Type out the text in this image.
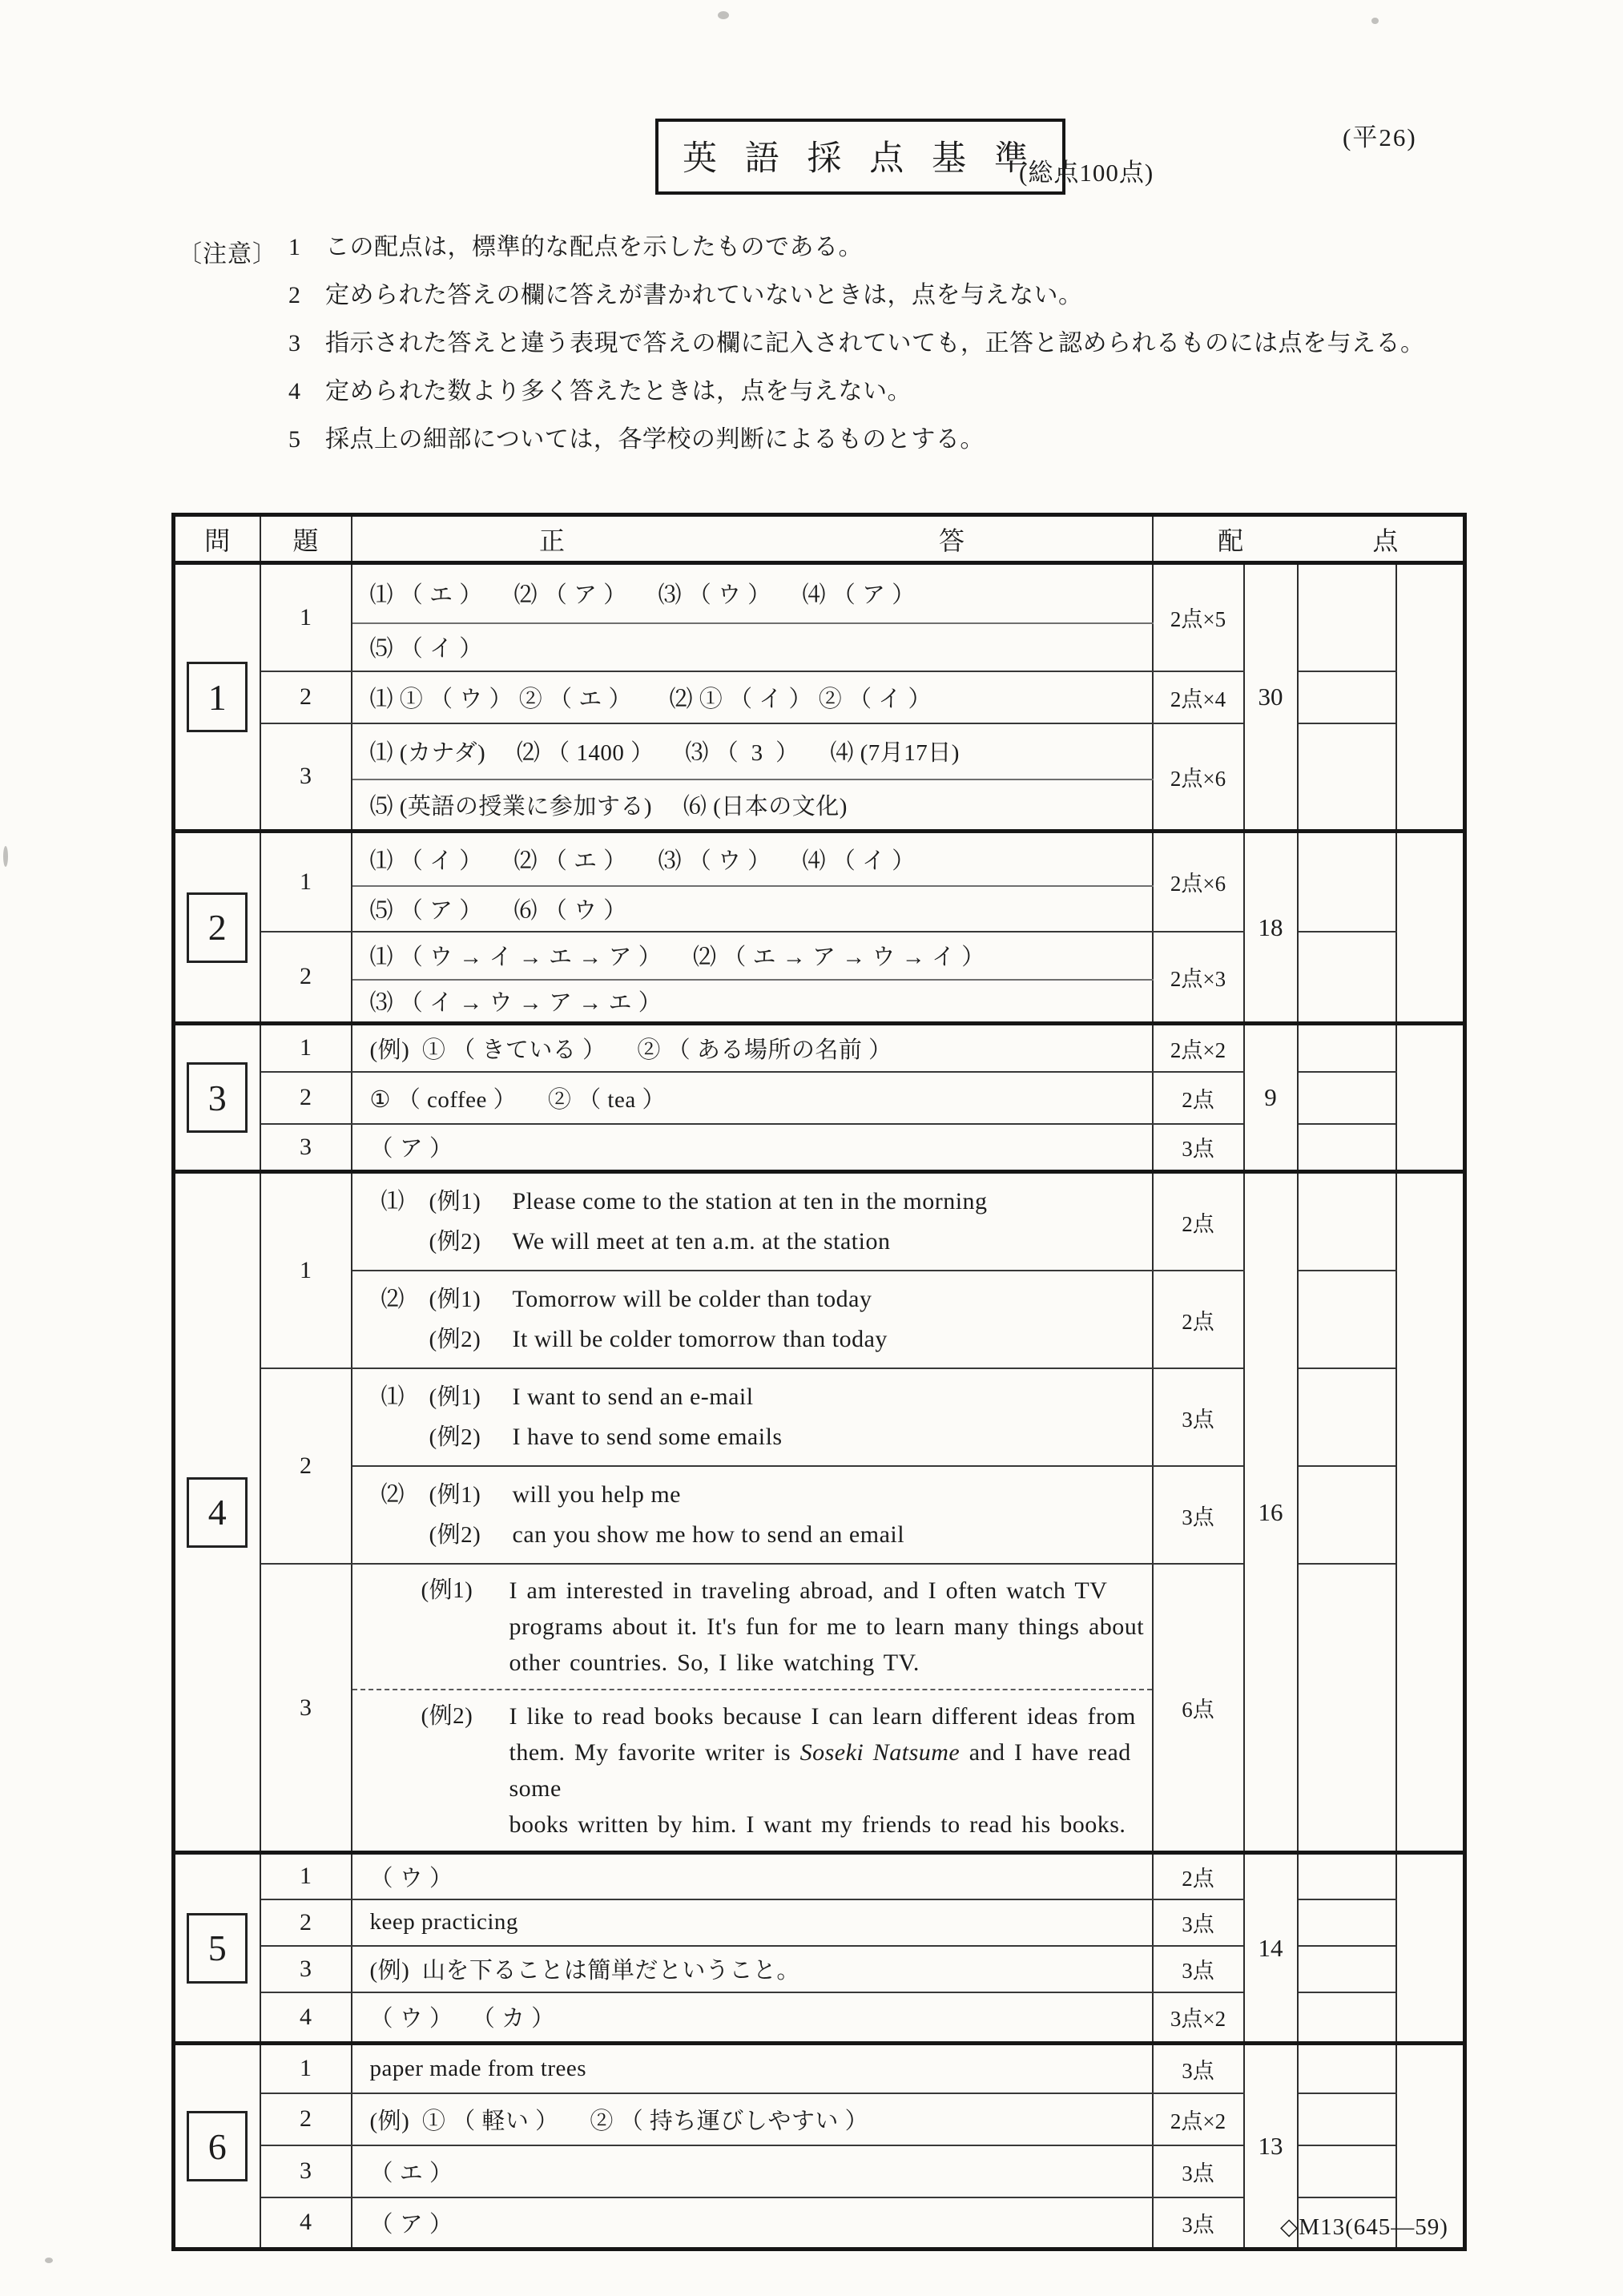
(平26)
英 語 採 点 基 準
(総点100点)
〔注意〕 1	この配点は，標準的な配点を示したものである。
2	定められた答えの欄に答えが書かれていないときは，点を与えない。
3	指示された答えと違う表現で答えの欄に記入されていても，正答と認められるものには点を与える。
4	定められた数より多く答えたときは，点を与えない。
5	採点上の細部については，各学校の判断によるものとする。
問	題	正 答	配 点			

1	1	⑴ （ エ ）     ⑵ （ ア ）     ⑶ （ ウ ）     ⑷ （ ア ）	2点×5	30		
		⑸ （ イ ）				
	2	⑴ ① （ ウ ） ② （ エ ）      ⑵ ① （ イ ） ② （ イ ）	2点×4			
	3	⑴ (カナダ)     ⑵ （ 1400 ）     ⑶ （  3  ）     ⑷ (7月17日)	2点×6			
		⑸ (英語の授業に参加する)     ⑹ (日本の文化)				

2	1	⑴ （ イ ）     ⑵ （ エ ）     ⑶ （ ウ ）     ⑷ （ イ ）	2点×6	18		
		⑸ （ ア ）     ⑹ （ ウ ）				
	2	⑴ （ ウ → イ → エ → ア ）     ⑵ （ エ → ア → ウ → イ ）	2点×3			
		⑶ （ イ → ウ → ア → エ ）				

3	1	(例)  ① （ きている ）     ② （ ある場所の名前 ）	2点×2	9		
	2	① （ coffee ）     ② （ tea ）	2点			
	3	（ ア ）	3点			

4	1	⑴ (例1) Please come to the station at ten in the morning
(例2) We will meet at ten a.m. at the station	2点	16		

		⑵ (例1) Tomorrow will be colder than today
(例2) It will be colder tomorrow than today	2点			
	2	⑴ (例1) I want to send an e-mail
(例2) I have to send some emails	3点			

		⑵ (例1) will you help me
(例2) can you show me how to send an email	3点			
	3	(例1) I am interested in traveling abroad, and I often watch TV
programs about it. It's fun for me to learn many things about
other countries. So, I like watching TV.	6点			

		(例2) I like to read books because I can learn different ideas from
them. My favorite writer is Soseki Natsume and I have read some
books written by him. I want my friends to read his books.				

5	1	（ ウ ）	2点	14		
	2	keep practicing	3点			
	3	(例)  山を下ることは簡単だということ。	3点			
	4	（ ウ ）   （ カ ）	3点×2			

6	1	paper made from trees	3点	13		
	2	(例)  ① （ 軽い ）     ② （ 持ち運びしやすい ）	2点×2			
	3	（ エ ）	3点			
	4	（ ア ）	3点				◇M13(645—59)
